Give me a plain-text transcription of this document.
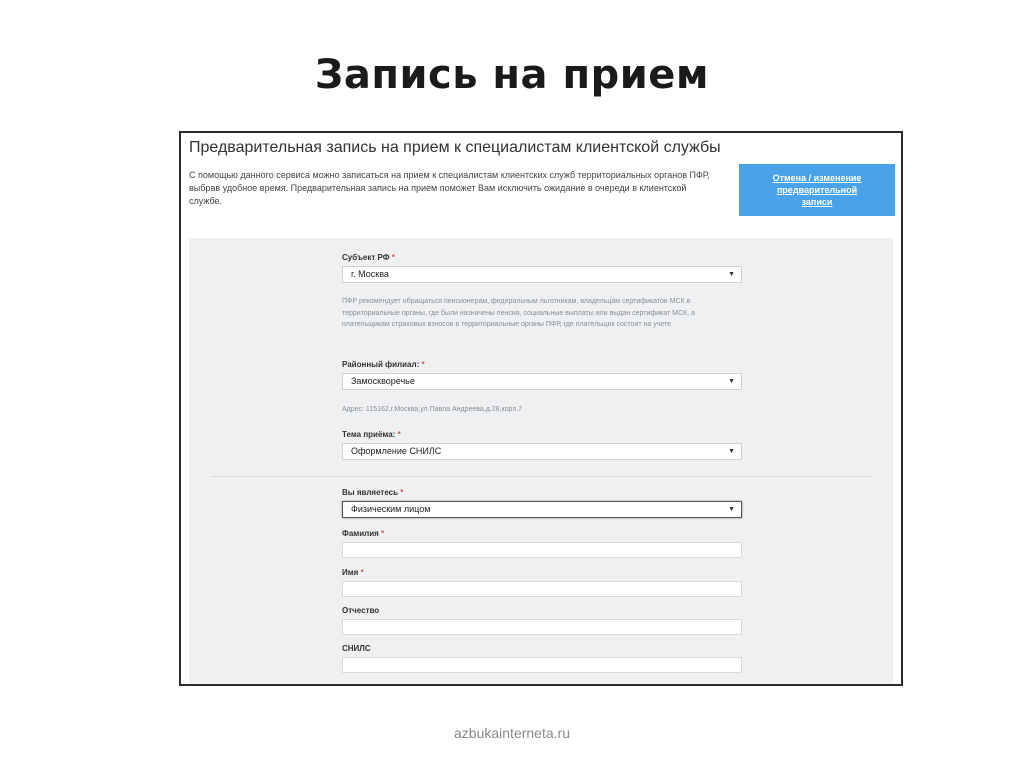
Запись на прием
Предварительная запись на прием к специалистам клиентской службы
С помощью данного сервиса можно записаться на прием к специалистам клиентских служб территориальных органов ПФР, выбрав удобное время. Предварительная запись на прием поможет Вам исключить ожидание в очереди в клиентской службе.
Отмена / изменение предварительной записи
Субъект РФ *
г. Москва	▼
ПФР рекомендует обращаться пенсионерам, федеральным льготникам, владельцам сертификатов МСК в территориальные органы, где были назначены пенсия, социальные выплаты или выдан сертификат МСК, а плательщикам страховых взносов в территориальные органы ПФР, где плательщик состоит на учете.
Районный филиал: *
Замоскворечье	▼
Адрес: 115162,г.Москва,ул.Павла Андреева,д.28,корп.7
Тема приёма: *
Оформление СНИЛС	▼
Вы являетесь *
Физическим лицом	▼
Фамилия *
Имя *
Отчество
СНИЛС
azbukainterneta.ru
